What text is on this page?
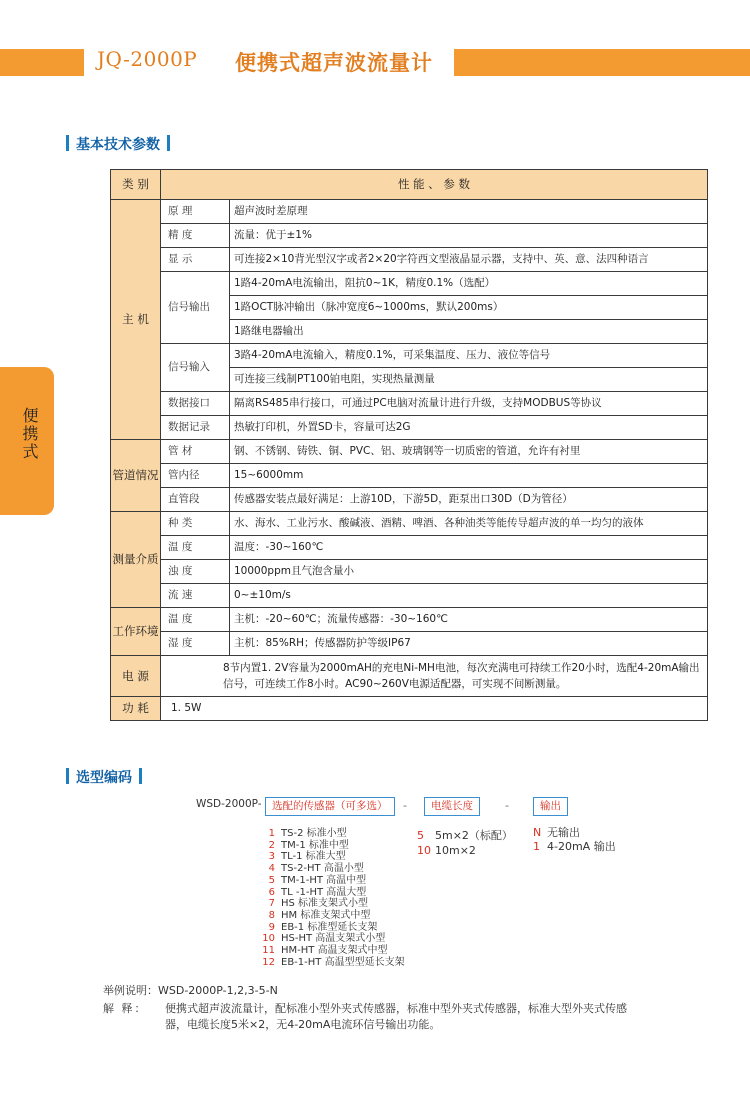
JQ-2000P 便携式超声波流量计
便携式
基本技术参数
类 别	性 能 、 参 数	
主 机	原 理	超声波时差原理
	精 度	流量：优于±1%
	显 示	可连接2×10背光型汉字或者2×20字符西文型液晶显示器，支持中、英、意、法四种语言
	信号输出	1路4-20mA电流输出，阻抗0~1K，精度0.1%（选配）
		1路OCT脉冲输出（脉冲宽度6~1000ms，默认200ms）
		1路继电器输出
	信号输入	3路4-20mA电流输入，精度0.1%，可采集温度、压力、液位等信号
		可连接三线制PT100铂电阻，实现热量测量
	数据接口	隔离RS485串行接口，可通过PC电脑对流量计进行升级，支持MODBUS等协议
	数据记录	热敏打印机，外置SD卡，容量可达2G
管道情况	管 材	钢、不锈钢、铸铁、铜、PVC、铝、玻璃钢等一切质密的管道，允许有衬里
	管内径	15~6000mm
	直管段	传感器安装点最好满足：上游10D，下游5D，距泵出口30D（D为管径）
测量介质	种 类	水、海水、工业污水、酸碱液、酒精、啤酒、各种油类等能传导超声波的单一均匀的液体
	温 度	温度：-30~160℃
	浊 度	10000ppm且气泡含量小
	流 速	0~±10m/s
工作环境	温 度	主机：-20~60℃；流量传感器：-30~160℃
	湿 度	主机：85%RH；传感器防护等级IP67
电 源	8节内置1. 2V容量为2000mAH的充电Ni-MH电池，每次充满电可持续工作20小时，选配4-20mA输出信号，可连续工作8小时。AC90~260V电源适配器，可实现不间断测量。	
功 耗	1. 5W	
选型编码
WSD-2000P- 选配的传感器（可多选）	-	电缆长度	-	输出
1 TS-2 标准小型
2 TM-1 标准中型
3 TL-1 标准大型
4 TS-2-HT 高温小型
5 TM-1-HT 高温中型
6 TL -1-HT 高温大型
7 HS 标准支架式小型
8 HM 标准支架式中型
9 EB-1 标准型延长支架
10 HS-HT 高温支架式小型
11 HM-HT 高温支架式中型
12 EB-1-HT 高温型型延长支架
5 5m×2（标配）
10 10m×2
N 无输出
1 4-20mA 输出
举例说明：WSD-2000P-1,2,3-5-N
解 释： 便携式超声波流量计，配标准小型外夹式传感器，标准中型外夹式传感器，标准大型外夹式传感
器，电缆长度5米×2，无4-20mA电流环信号输出功能。
